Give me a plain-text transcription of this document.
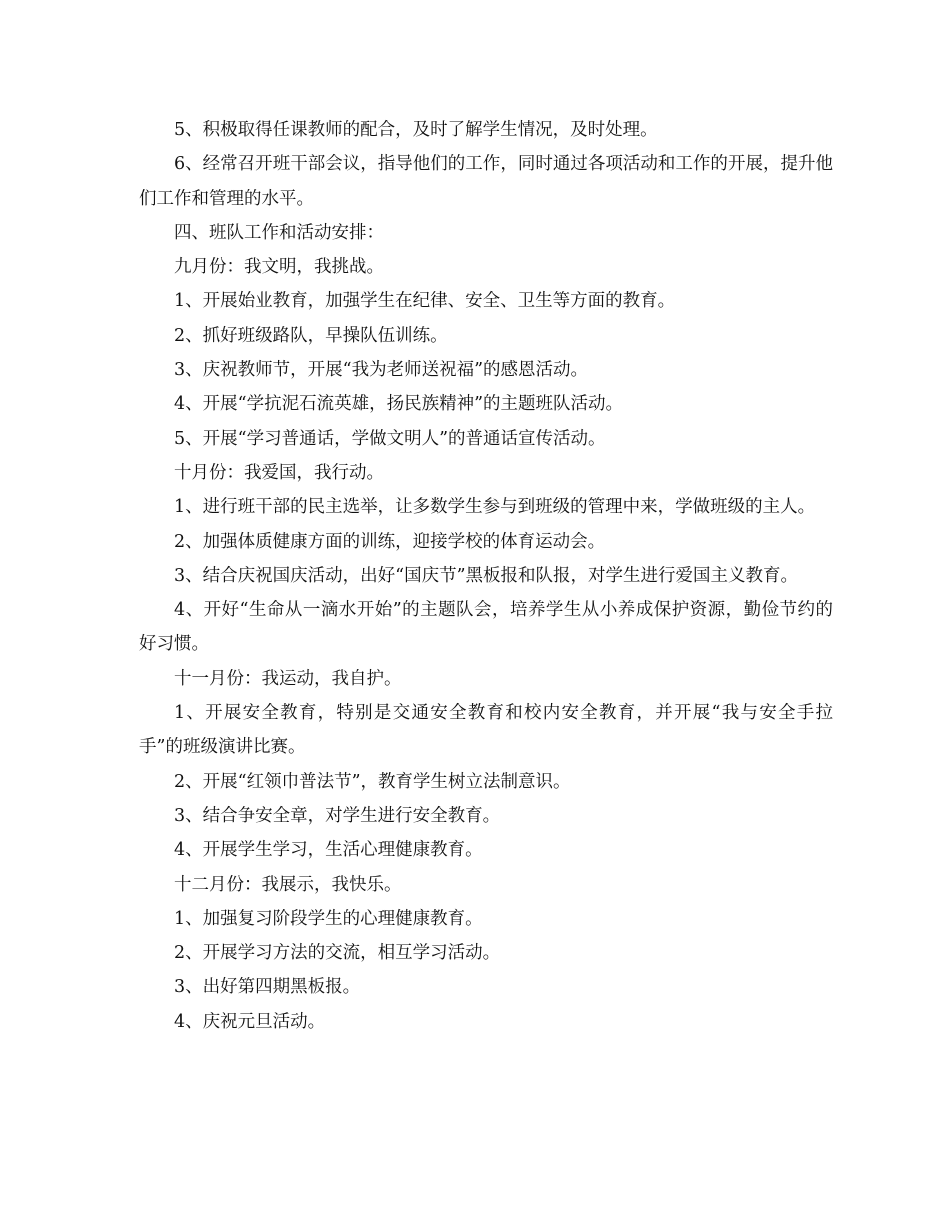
5、积极取得任课教师的配合，及时了解学生情况，及时处理。

6、经常召开班干部会议，指导他们的工作，同时通过各项活动和工作的开展，提升他们工作和管理的水平。

四、班队工作和活动安排：

九月份：我文明，我挑战。

1、开展始业教育，加强学生在纪律、安全、卫生等方面的教育。

2、抓好班级路队，早操队伍训练。

3、庆祝教师节，开展“我为老师送祝福”的感恩活动。

4、开展“学抗泥石流英雄，扬民族精神”的主题班队活动。

5、开展“学习普通话，学做文明人”的普通话宣传活动。

十月份：我爱国，我行动。

1、进行班干部的民主选举，让多数学生参与到班级的管理中来，学做班级的主人。

2、加强体质健康方面的训练，迎接学校的体育运动会。

3、结合庆祝国庆活动，出好“国庆节”黑板报和队报，对学生进行爱国主义教育。

4、开好“生命从一滴水开始”的主题队会，培养学生从小养成保护资源，勤俭节约的好习惯。

十一月份：我运动，我自护。

1、开展安全教育，特别是交通安全教育和校内安全教育，并开展“我与安全手拉手”的班级演讲比赛。

2、开展“红领巾普法节”，教育学生树立法制意识。

3、结合争安全章，对学生进行安全教育。

4、开展学生学习，生活心理健康教育。

十二月份：我展示，我快乐。

1、加强复习阶段学生的心理健康教育。

2、开展学习方法的交流，相互学习活动。

3、出好第四期黑板报。

4、庆祝元旦活动。
